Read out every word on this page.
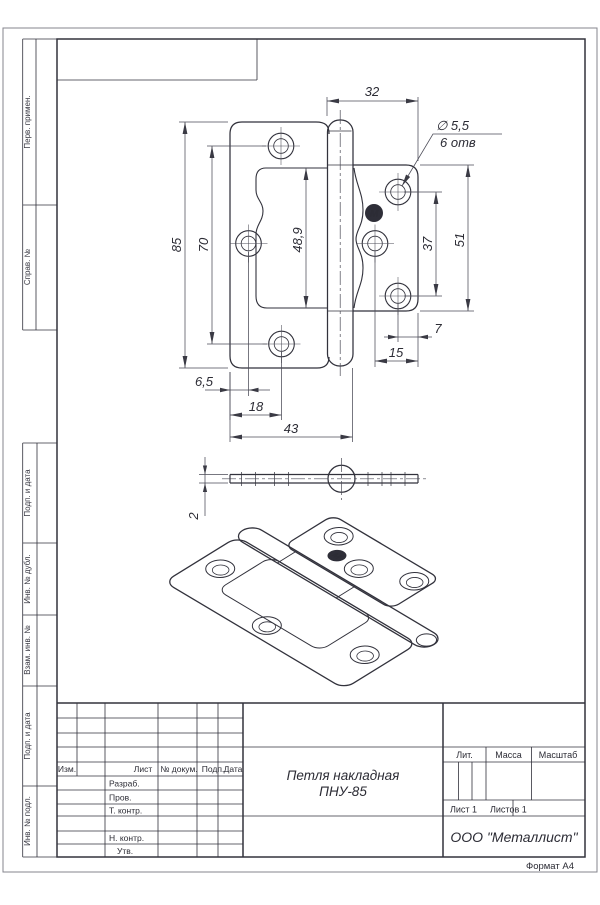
Перв. примен.
Справ. №
Подп. и дата
Инв. № дубл.
Взам. инв. №
Подп. и дата
Инв. № подл.
М
32
∅ 5,5
6 отв
85 70	48,9	37 51
7
15
6,5
18
43
2
М
Изм.	Лист № докум. Подп. Дата
Разраб.
Пров.
Т. контр.
Н. контр.
Утв.
Лит. Масса Масштаб
Лист 1 Листов 1
ООО "Металлист"
Петля накладная
ПНУ-85
Формат А4
